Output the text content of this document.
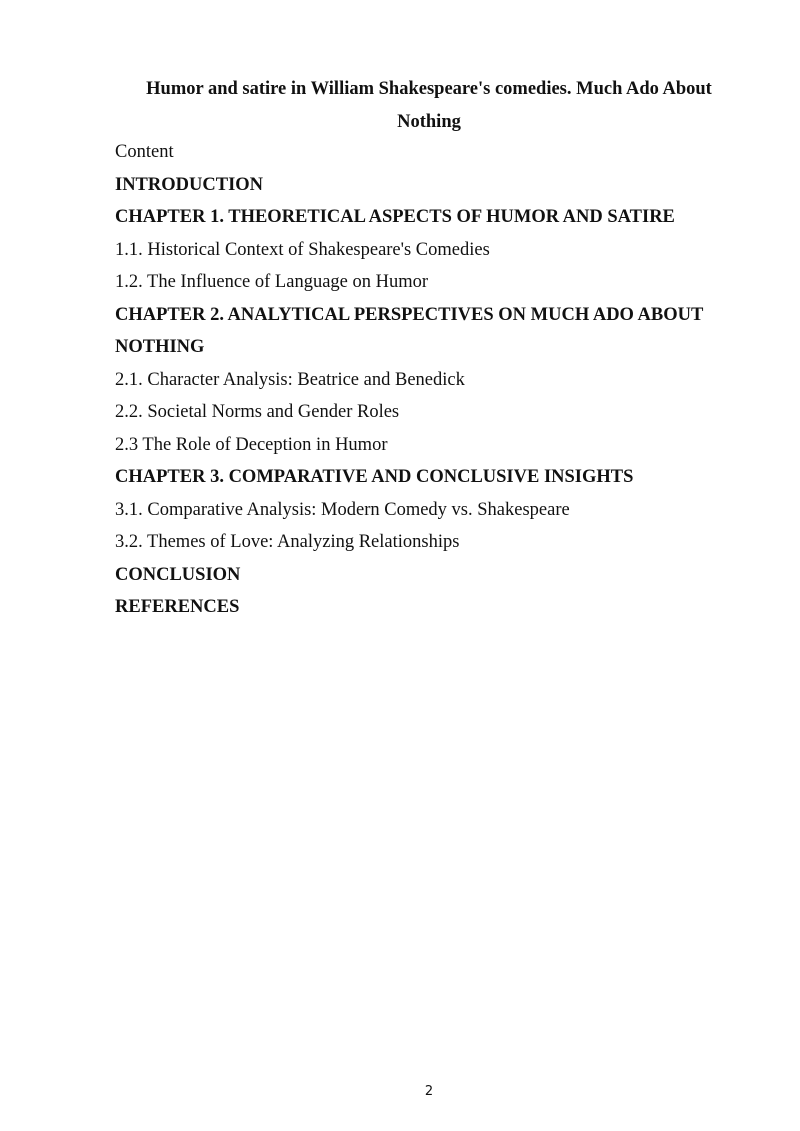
Humor and satire in William Shakespeare's comedies. Much Ado About Nothing
Content
INTRODUCTION
CHAPTER 1. THEORETICAL ASPECTS OF HUMOR AND SATIRE
1.1. Historical Context of Shakespeare's Comedies
1.2. The Influence of Language on Humor
CHAPTER 2. ANALYTICAL PERSPECTIVES ON MUCH ADO ABOUT NOTHING
2.1. Character Analysis: Beatrice and Benedick
2.2. Societal Norms and Gender Roles
2.3 The Role of Deception in Humor
CHAPTER 3. COMPARATIVE AND CONCLUSIVE INSIGHTS
3.1. Comparative Analysis: Modern Comedy vs. Shakespeare
3.2. Themes of Love: Analyzing Relationships
CONCLUSION
REFERENCES
2
